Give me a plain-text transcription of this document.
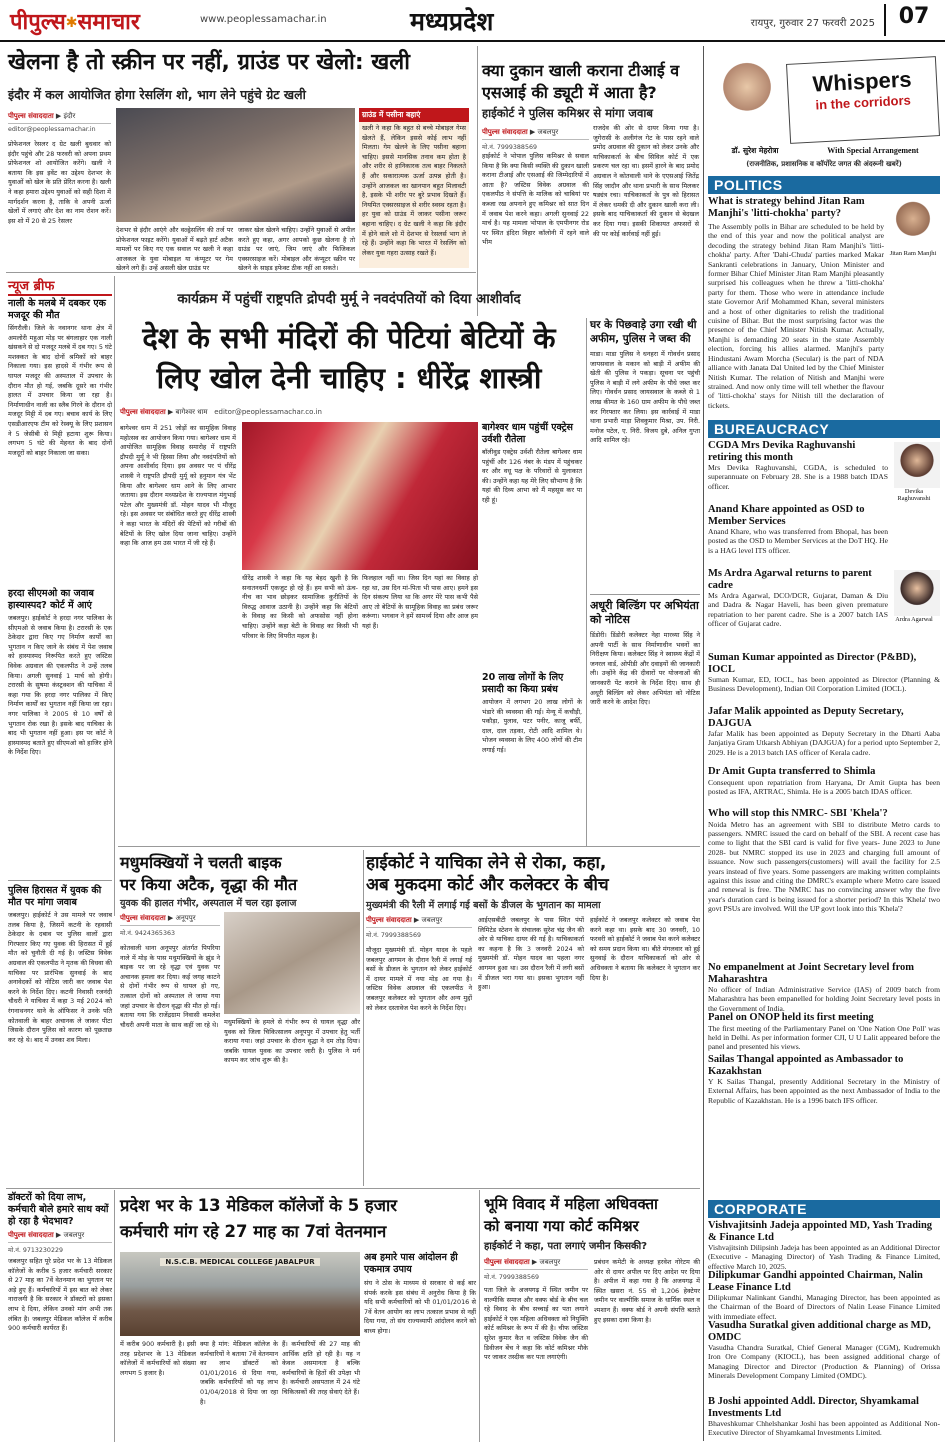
पीपुल्स✱समाचार	www.peoplessamachar.in	मध्यप्रदेश	रायपुर, गुरुवार 27 फरवरी 2025	07
खेलना है तो स्क्रीन पर नहीं, ग्राउंड पर खेलो: खली
इंदौर में कल आयोजित होगा रेसलिंग शो, भाग लेने पहुंचे ग्रेट खली
पीपुल्स संवाददाता ▶ इंदौर
editor@peoplessamachar.in
प्रोफेशनल रेसलर द ग्रेट खली बुधवार को इंदौर पहुंचे और 28 फरवरी को अपना प्रथम प्रोफेशनल शो आयोजित करेंगे। खली ने बताया कि इस इवेंट का उद्देश्य देशभर के युवाओं को खेल के प्रति प्रेरित करना है। खली ने कहा हमारा उद्देश्य युवाओं को सही दिशा में मार्गदर्शन करना है, ताकि वे अपनी ऊर्जा खेलों में लगाएं और देश का नाम रोशन करें। इस शो में 20 से 25 रेसलर
देशभर से इंदौर आएंगे और वल्र्ड्रेसलिंग की तर्ज पर प्रोफेशनल फाइट करेंगे। युवाओं में बढ़ते हार्ट अटैक मामलों पर किए गए एक सवाल पर खली ने कहा आजकल के युवा मोबाइल या कंप्यूटर पर गेम खेलने लगे हैं। उन्हें असली खेल ग्राउंड पर
जाकर खेल खेलने चाहिए। उन्होंने युवाओं से अपील करते हुए कहा, अगर आपको कुछ खेलना है तो ग्राउंड पर जाएं, जिम जाएं और फिजिकल एक्सरसाइज करें। मोबाइल और कंप्यूटर स्क्रीन पर खेलने के साइड इफेक्ट ठीक नहीं आ सकते।
ग्राउंड में पसीना बहाएं
खली ने कहा कि बहुत से बच्चे मोबाइल गेम्स खेलते हैं, लेकिन इससे कोई लाभ नहीं मिलता। गेम खेलने के लिए पसीना बहाना चाहिए। इससे मानसिक तनाव कम होता है और शरीर से हानिकारक तत्व बाहर निकलते हैं और सकारात्मक ऊर्जा उत्पन्न होती है। उन्होंने आजकल का खानपान बहुत मिलावटी है, इसके भी शरीर पर बुरे प्रभाव दिखते हैं। नियमित एक्सरसाइज से शरीर स्वस्थ रहता है। हर युवा को ग्राउंड में जाकर पसीना जरूर बहाना चाहिए। द ग्रेट खली ने कहा कि इंदौर में होने वाले शो में देशभर से रेसलर्स भाग ले रहे हैं। उन्होंने कहा कि भारत में रेसलिंग को लेकर युवा गहरा उत्साह रखते हैं।
क्या दुकान खाली कराना टीआई व एसआई की ड्यूटी में आता है?
हाईकोर्ट ने पुलिस कमिश्नर से मांगा जवाब
पीपुल्स संवाददाता ▶ जबलपुर
मो.नं. 7999388569
हाईकोर्ट ने भोपाल पुलिस कमिश्नर से सवाल किया है कि क्या किसी व्यक्ति की दुकान खाली कराना टीआई और एसआई की जिम्मेदारियों में आता है? जस्टिस विवेक अग्रवाल की एकलपीठ ने संपत्ति के मालिक को चाबियां पर कब्जा रख अपनाने हुए कमिश्नर को सात दिन में जवाब पेश करने कहा। अगली सुनवाई 22 मार्च है। यह मामला भोपाल के एमपीनगर रोड पर स्थित इंदिरा विहार कॉलोनी में रहने वाले भीम
राजदेव की ओर से दायर किया गया है। जुगेरासी के अलीगंज गेट के पास रहने वाले प्रमोद अग्रवाल की दुकान को लेकर उनके और याचिकाकर्ता के बीच सिविल कोर्ट में एक प्रकरण चल रहा था। इसमें हारने के बाद प्रमोद अग्रवाल ने कोतवाली थाने के एएसआई जितेंद्र सिंह जादौन और थाना प्रभारी के साथ मिलकर षड्यंत्र रचा। याचिकाकर्ता के पुत्र को हिरासत में लेकर धमकी दी और दुकान खाली करा ली। इसके बाद याचिकाकर्ता की दुकान से बेदखल कर दिया गया। इसकी शिकायत अफसरों से की पर कोई कार्रवाई नहीं हुई।
Whispers
in the corridors
डॉ. सुरेश मेहरोत्रा	With Special Arrangement
(राजनीतिक, प्रशासनिक व कॉर्पोरेट जगत की अंदरूनी खबरें)
POLITICS
Jitan Ram Manjhi
What is strategy behind Jitan Ram Manjhi's 'litti-chokha' party?
The Assembly polls in Bihar are scheduled to be held by the end of this year and now the political analyst are decoding the strategy behind Jitan Ram Manjhi's 'litti-chokha' party. After 'Dahi-Chuda' parties marked Makar Sankranti celebrations in January, Union Minister and former Bihar Chief Minister Jitan Ram Manjhi pleasantly surprised his colleagues when he threw a 'litti-chokha' party for them. Those who were in attendance include state Governor Arif Mohammed Khan, several ministers and a host of other dignitaries to relish the traditional cuisine of Bihar. But the most surprising factor was the presence of the Chief Minister Nitish Kumar. Actually, Manjhi is demanding 20 seats in the state Assembly election, forcing his allies alarmed. Manjhi's party Hindustani Awam Morcha (Secular) is the part of NDA alliance with Janata Dal United led by the Chief Minister Nitish Kumar. The relation of Nitish and Manjhi were strained. And now only time will tell whether the flavour of 'litti-chokha' stays for Nitish till the declaration of tickets.
BUREAUCRACY
Devika Raghuvanshi
Ardra Agarwal
CGDA Mrs Devika Raghuvanshi retiring this month
Mrs Devika Raghuvanshi, CGDA, is scheduled to superannuate on February 28. She is a 1988 batch IDAS officer.
Anand Khare appointed as OSD to Member Services
Anand Khare, who was transferred from Bhopal, has been posted as the OSD to Member Services at the DoT HQ. He is a HAG level ITS officer.
Ms Ardra Agarwal returns to parent cadre
Ms Ardra Agarwal, DCO/DCR, Gujarat, Daman & Diu and Dadra & Nagar Haveli, has been given premature repatriation to her parent cadre. She is a 2007 batch IAS officer of Gujarat cadre.
Suman Kumar appointed as Director (P&BD), IOCL
Suman Kumar, ED, IOCL, has been appointed as Director (Planning & Business Development), Indian Oil Corporation Limited (IOCL).
Jafar Malik appointed as Deputy Secretary, DAJGUA
Jafar Malik has been appointed as Deputy Secretary in the Dharti Aaba Janjatiya Gram Utkarsh Abhiyan (DAJGUA) for a period upto September 2, 2029. He is a 2013 batch IAS officer of Kerala cadre.
Dr Amit Gupta transferred to Shimla
Consequent upon repatriation from Haryana, Dr Amit Gupta has been posted as IFA, ARTRAC, Shimla. He is a 2005 batch IDAS officer.
Who will stop this NMRC- SBI 'Khela'?
Noida Metro has an agreement with SBI to distribute Metro cards to passengers. NMRC issued the card on behalf of the SBI. A recent case has come to light that the SBI card is valid for five years- June 2023 to June 2028- but NMRC stopped its use in 2023 and charging full amount of issuance. Now such passengers(customers) will avail the facility for 2.5 years instead of five years. Some passengers are making written complaints against this issue and citing the DMRC's example where Metro care issued and renewal is free. The NMRC has no convincing answer why the five year's duration card is being issued for a shorter period? In this 'Khela' two govt PSUs are involved. Will the UP govt look into this 'Khela'?
No empanelment at Joint Secretary level from Maharashtra
No officer of Indian Administrative Service (IAS) of 2009 batch from Maharashtra has been empanelled for holding Joint Secretary level posts in the Government of India.
Panel on ONOP held its first meeting
The first meeting of the Parliamentary Panel on 'One Nation One Poll' was held in Delhi. As per information former CJI, U U Lalit appeared before the panel and presented his views.
Sailas Thangal appointed as Ambassador to Kazakhstan
Y K Sailas Thangal, presently Additional Secretary in the Ministry of External Affairs, has been appointed as the next Ambassador of India to the Republic of Kazakhstan. He is a 1996 batch IFS officer.
CORPORATE
Vishvajitsinh Jadeja appointed MD, Yash Trading & Finance Ltd
Vishvajitsinh Dilipsinh Jadeja has been appointed as an Additional Director (Executive - Managing Director) of Yash Trading & Finance Limited, effective March 10, 2025.
Dilipkumar Gandhi appointed Chairman, Nalin Lease Finance Ltd
Dilipkumar Nalinkant Gandhi, Managing Director, has been appointed as the Chairman of the Board of Directors of Nalin Lease Finance Limited with immediate effect.
Vasudha Suratkal given additional charge as MD, OMDC
Vasudha Chandra Suratkal, Chief General Manager (CGM), Kudremukh Iron Ore Company (KIOCL), has been assigned additional charge of Managing Director and Director (Production & Planning) of Orissa Minerals Development Company Limited (OMDC).
B Joshi appointed Addl. Director, Shyamkamal Investments Ltd
Bhaveshkumar Chhelshankar Joshi has been appointed as Additional Non-Executive Director of Shyamkamal Investments Limited.
न्यूज ब्रीफ
नाली के मलबे में दबकर एक मजदूर की मौत
सिंगरौली। जिले के नवानगर थाना क्षेत्र में अमलोरी महुआ मोड़ पर बंगलाहार एक नाली खंसकने से दो मजदूर मलबे में दब गए। 5 घंटे मशक्कत के बाद दोनों श्रमिकों को बाहर निकाला गया। इस हादसे में गंभीर रूप से घायल मजदूर की अस्पताल में उपचार के दौरान मौत हो गई, जबकि दूसरे का गंभीर हालत में उपचार किया जा रहा है। निर्माणाधीन नाली का स्लैब गिरने के दौरान दो मजदूर मिट्टी में दब गए। बचाव कार्य के लिए एसडीआरएफ टीम को रेस्क्यू के लिए प्रशासन ने 5 जेसीबी से मिट्टी हटाया शुरू किया। लगभग 5 घंटे की मेहनत के बाद दोनों मजदूरों को बाहर निकाला जा सका।
हरदा सीएमओ का जवाब हास्यास्पद? कोर्ट में आएं
जबलपुर। हाईकोर्ट ने हरदा नगर पालिका के सीएमओ से जवाब किया है। टरारसी के एक ठेकेदार द्वारा किए गए निर्माण कार्यों का भुगतान न किए जाने के संबंध में पेश जवाब को हास्यास्पद निरूपित करते हुए जस्टिस विवेक अग्रवाल की एकलपीठ ने उन्हें तलब किया। अगली सुनवाई 1 मार्च को होगी। टरारसी के सुषमा कंस्ट्रक्शन की याचिका में कहा गया कि हरदा नगर पालिका में किए निर्माण कार्यों का भुगतान नहीं किया जा रहा। नगर पालिका ने 2005 से 10 वर्षों से भुगतान रोक रखा है। इसके बाद याचिका के बाद भी भुगतान नहीं हुआ। इस पर कोर्ट ने हास्यास्पद बताते हुए सीएमओ को हाजिर होने के निर्देश दिए।
पुलिस हिरासत में युवक की मौत पर मांगा जवाब
जबलपुर। हाईकोर्ट ने उस मामले पर जवाब तलब किया है, जिसमें कटनी के रहवासी ठेकेदार के दबाव पर पुलिस वालों द्वारा गिरफ्तार किए गए युवक की हिरासत में हुई मौत को चुनौती दी गई है। जस्टिस विवेक अग्रवाल की एकलपीठ ने मृतक की विधवा की याचिका पर प्रारंभिक सुनवाई के बाद अनावेदकों को नोटिस जारी कर जवाब पेश करने के निर्देश दिए। कटनी निवासी रजनंदी चौधरी ने याचिका में कहा 3 मई 2024 को रंगनाथनगर थाने के ऑफिसर ने उनके पति कोतवाली के बाहर अचानक ले जाकर पीटा जिसके दौरान पुलिस को कारण को पूछताछ कर रहे थे। बाद में उनका शव मिला।
कार्यक्रम में पहुंचीं राष्ट्रपति द्रोपदी मुर्मू ने नवदंपतियों को दिया आशीर्वाद
देश के सभी मंदिरों की पेटियां बेटियों के
लिए खोल देनी चाहिए : धीरेंद्र शास्त्री
पीपुल्स संवाददाता ▶ बागेश्वर धाम editor@peoplessamachar.co.in
बागेश्वर धाम में 251 जोड़ों का सामूहिक विवाह महोत्सव का आयोजन किया गया। बागेश्वर धाम में आयोजित सामूहिक विवाह समारोह में राष्ट्रपति द्रौपदी मुर्मू ने भी हिस्सा लिया और नवदंपतियों को अपना आशीर्वाद दिया। इस अवसर पर पं धीरेंद्र शास्त्री ने राष्ट्रपति द्रौपदी मुर्मू को हनुमान यंत्र भेंट किया और बागेश्वर धाम आने के लिए आभार जताया। इस दौरान मध्यप्रदेश के राज्यपाल मंगुभाई पटेल और मुख्यमंत्री डॉ. मोहन यादव भी मौजूद रहे। इस अवसर पर संबोधित करते हुए धीरेंद्र शास्त्री ने कहा भारत के मंदिरों की पेटियों को गरीबों की बेटियों के लिए खोल दिया जाना चाहिए। उन्होंने कहा कि आज हम उस भारत में जी रहे हैं।
धीरेंद्र शास्त्री ने कहा कि यह बेहद खुशी है कि सनातनधर्मी एकजुट हो रहे हैं। हम सभी को ऊंच-नीच का भाव छोड़कर सामाजिक कुरीतियों के विरुद्ध आवाज उठानी है। उन्होंने कहा कि बेटियों के विवाह का किसी को अफसोस नहीं होना चाहिए। उन्होंने कहा बेटी के विवाह का किसी भी परिवार के लिए विपरीत महत्व है।
फिलहाल नहीं था। जिस दिन यहां का विवाह हो रहा था, उस दिन मां-पिता भी पास आए। हमने इस दिन संकल्प लिया था कि अगर मेरे पास कभी पैसे आए तो बेटियों के सामूहिक विवाह का प्रबंध जरूर करूंगा। भगवान ने हमें सामर्थ्य दिया और आज हम यहां हैं।
बागेश्वर धाम पहुंचीं एक्ट्रेस उर्वशी रौतेला
बॉलीवुड एक्ट्रेस उर्वशी रौतेला बागेश्वर धाम पहुंचीं और 126 नंबर के मंडप में पहुंचकर वर और वधू पक्ष के परिवारों से मुलाकात की। उन्होंने कहा यह मेरे लिए सौभाग्य है कि यहां की दिव्य आभा को मैं महसूस कर पा रही हूं।
20 लाख लोगों के लिए प्रसादी का किया प्रबंध
आयोजन में लगभग 20 लाख लोगों के भंडारे की व्यवस्था की गई। मेन्यू में कचौड़ी, पकौड़ा, पुलाव, पटर पनीर, काजू बर्फी, दाल, दाल तड़का, रोटी आदि शामिल थे। भोजन व्यवस्था के लिए 400 लोगों की टीम लगाई गई।
घर के पिछवाड़े उगा रखी थी अफीम, पुलिस ने जब्त की
माडा। माडा पुलिस ने धनहरा में गोवर्धन प्रसाद जायसवाल के मकान को बाड़ी में अफीम की खेती की पुलिस ने पकड़ा। सूचना पर पहुंची पुलिस ने बाड़ी में लगे अफीम के पौधे जब्त कर लिए। गोवर्धन प्रसाद जायसवाल के कब्जे से 1 लाख कीमत के 160 ग्राम अफीम के पौधे जब्त कर गिरफ्तार कर लिया। इस कार्रवाई में माडा थाना प्रभारी माड़ा शिवकुमार मिश्रा, उप. निरी. मनोज पटेल, ए. निरी. विजय दुबे, अनिल गुप्ता आदि शामिल रहे।
अधूरी बिल्डिंग पर अभियंता को नोटिस
डिंडोरी। डिंडोरी कलेक्टर नेहा मारव्या सिंह ने अपनी पार्टी के साथ निर्माणाधीन भवनों का निरीक्षण किया। कलेक्टर सिंह ने स्वास्थ्य केंद्रों में जनरल वार्ड, ओपीडी और दवाइयों की जानकारी ली। उन्होंने केंद्र की दीवारों पर योजनाओं की जानकारी पेंट कराने के निर्देश दिए। साथ ही अधूरी बिल्डिंग को लेकर अभियंता को नोटिस जारी करने के आदेश दिए।
मधुमक्खियों ने चलती बाइक
पर किया अटैक, वृद्धा की मौत
युवक की हालत गंभीर, अस्पताल में चल रहा इलाज
पीपुल्स संवाददाता ▶ अनूपपुर
मो.नं. 9424365363
कोतवाली थाना अनूपपुर अंतर्गत पिपरिया नाले में मोड़ के पास मधुमक्खियों के झुंड ने बाइक पर जा रहे वृद्धा एवं युवक पर अचानक हमला कर दिया। कई जगह काटने से दोनों गंभीर रूप से घायल हो गए, तत्काल दोनों को अस्पताल ले जाया गया जहां उपचार के दौरान वृद्धा की मौत हो गई। बताया गया कि राजेंद्रग्राम निवासी कमलेश चौधरी अपनी माता के साथ कहीं जा रहे थे। मधुमक्खियों के हमले से गंभीर रूप से घायल वृद्धा और युवक को जिला चिकित्सालय अनूपपुर में उपचार हेतु भर्ती कराया गया। जहां उपचार के दौरान वृद्धा ने दम तोड़ दिया। जबकि घायल युवक का उपचार जारी है। पुलिस ने मर्ग कायम कर जांच शुरू की है।
हाईकोर्ट ने याचिका लेने से रोका, कहा,
अब मुकदमा कोर्ट और कलेक्टर के बीच
मुख्यमंत्री की रैली में लगाई गई बसों के डीजल के भुगतान का मामला
पीपुल्स संवाददाता ▶ जबलपुर
मो.नं. 7999388569
मौजूदा मुख्यमंत्री डॉ. मोहन यादव के पहले जबलपुर आगमन के दौरान रैली में लगाई गई बसों के डीजल के भुगतान को लेकर हाईकोर्ट में दायर मामले में नया मोड़ आ गया है। जस्टिस विवेक अग्रवाल की एकलपीठ ने जबलपुर कलेक्टर को भुगतान और अन्य मुद्दों को लेकर दस्तावेज पेश करने के निर्देश दिए।
आईएसबीटी जबलपुर के पास स्थित पंपों लिमिटेड स्टेशन के संचालक सुरेश चंद्र जैन की ओर से याचिका दायर की गई है। याचिकाकर्ता का कहना है कि 3 जनवरी 2024 को मुख्यमंत्री डॉ. मोहन यादव का पहला नगर आगमन हुआ था। उस दौरान रैली में लगी बसों में डीजल भरा गया था। इसका भुगतान नहीं हुआ।
हाईकोर्ट ने जबलपुर कलेक्टर को जवाब पेश करने कहा था। इसके बाद 30 जनवरी, 10 फरवरी को हाईकोर्ट ने जवाब पेश करने कलेक्टर को समय प्रदान किया था। बीते मंगलवार को हुई सुनवाई के दौरान याचिकाकर्ता को ओर से अधिवक्ता ने बताया कि कलेक्टर ने भुगतान कर दिया है।
डॉक्टरों को दिया लाभ, कर्मचारी बोले हमारे साथ क्यों हो रहा है भेदभाव?
पीपुल्स संवाददाता ▶ जबलपुर
मो.नं. 9713230229
जबलपुर सहित पूरे प्रदेश भर के 13 मेडिकल कॉलेजों के करीब 5 हजार कर्मचारी सरकार से 27 माह का 7वें वेतनमान का भुगतान पर अड़े हुए हैं। कर्मचारियों में इस बात को लेकर नाराजगी है कि सरकार ने डॉक्टरों को इसका लाभ दे दिया, लेकिन उनको मांग अभी तक लंबित है। जबलपुर मेडिकल कॉलेज में करीब 900 कर्मचारी कार्यरत हैं।
प्रदेश भर के 13 मेडिकल कॉलेजों के 5 हजार
कर्मचारी मांग रहे 27 माह का 7वां वेतनमान
N.S.C.B. MEDICAL COLLEGE JABALPUR
में करीब 900 कर्मचारी है। इसी तरह प्रदेशभर के 13 मेडिकल कॉलेजों में कर्मचारियों को संख्या लगभग 5 हजार है।
क्या है मांग: मेडिकल कॉलेज के कर्मचारियों ने बताया 7वें वेतनमान का लाभ डॉक्टरों को 01/01/2016 से दिया गया, जबकि कर्मचारियों को यह लाभ 01/04/2018 से दिया जा रहा है।
हैं। कर्मचारियों की 27 माह की आर्थिक क्षति हो रही है। यह न केवल असमानता है बल्कि कर्मचारियों के हितों की उपेक्षा भी है। कर्मचारी असपताल में 24 घंटे चिकित्सकों की तरह सेवाएं देते हैं।
अब हमारे पास आंदोलन ही एकमात्र उपाय
संघ ने ठोस के माध्यम से सरकार से कई बार संपर्क करके इस संबंध में अनुरोध किया है कि यदि सभी कर्मचारियों को भी 01/01/2016 से 7वें वेतन आयोग का लाभ तत्काल प्रभाव से नहीं दिया गया, तो संघ राज्यव्यापी आंदोलन करने को बाध्य होगा।
भूमि विवाद में महिला अधिवक्ता
को बनाया गया कोर्ट कमिश्नर
हाईकोर्ट ने कहा, पता लगाएं जमीन किसकी?
पीपुल्स संवाददाता ▶ जबलपुर
मो.नं. 7999388569
पता जिले के अजयगढ़ में स्थित जमीन पर वाल्मीकि समाज और वक्फ बोर्ड के बीच चल रहे विवाद के बीच सच्चाई का पता लगाने हाईकोर्ट ने एक महिला अधिवक्ता को नियुक्ति कोर्ट कमिश्नर के रूप में की है। चीफ जस्टिस सुरेश कुमार कैत व जस्टिस विवेक जैन की डिवीजन बेंच ने कहा कि कोर्ट कमिश्नर मौके पर जाकर तस्दीक कर पता लगाएंगी।
प्रबंधन कमेटी के अध्यक्ष हरवेश नोरेटम की ओर से दायर अपील पर दिए आदेश पर दिया है। अपील में कहा गया है कि अजयगढ़ में स्थित खसरा नं. 55 वो 1,206 हेक्टेयर जमीन पर वाल्मीकि समाज के धार्मिक स्थल व श्मशान हैं। वक्फ बोर्ड ने अपनी संपत्ति बताते हुए इसका दावा किया है।
